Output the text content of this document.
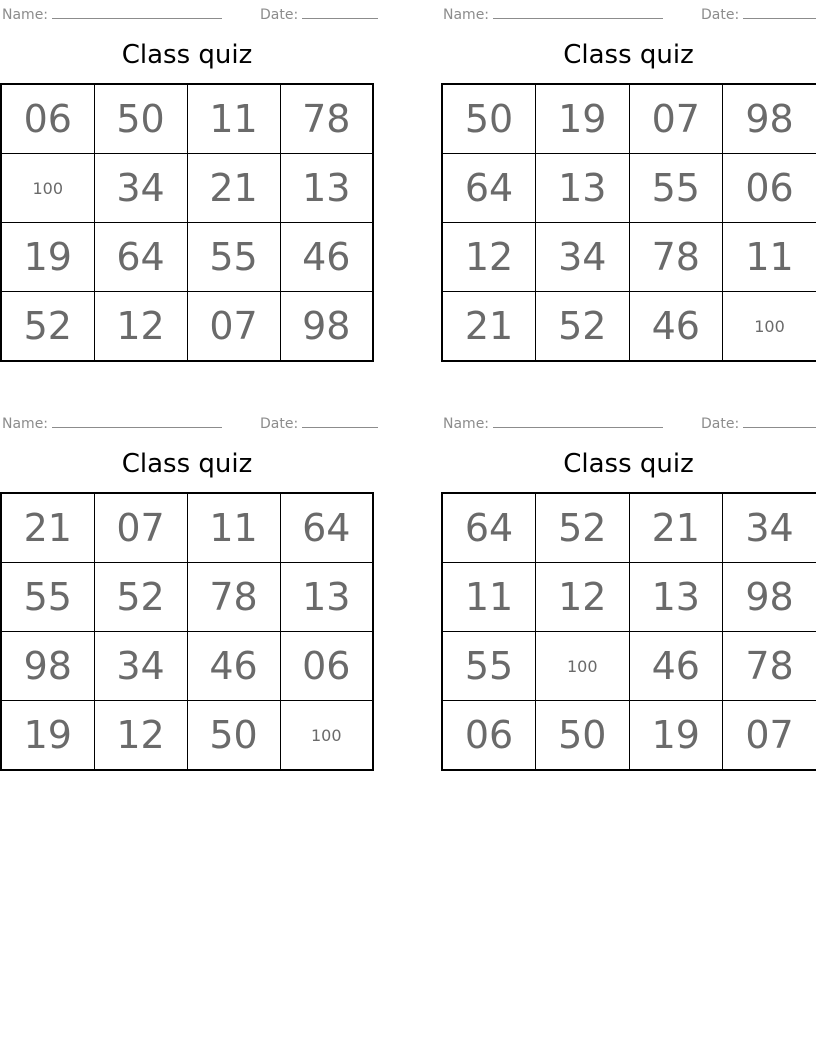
Name:	Date:
Class quiz
06	50	11	78
100	34	21	13
19	64	55	46
52	12	07	98
Name:	Date:
Class quiz
50	19	07	98
64	13	55	06
12	34	78	11
21	52	46	100
Name:	Date:
Class quiz
21	07	11	64
55	52	78	13
98	34	46	06
19	12	50	100
Name:	Date:
Class quiz
64	52	21	34
11	12	13	98
55	100	46	78
06	50	19	07
